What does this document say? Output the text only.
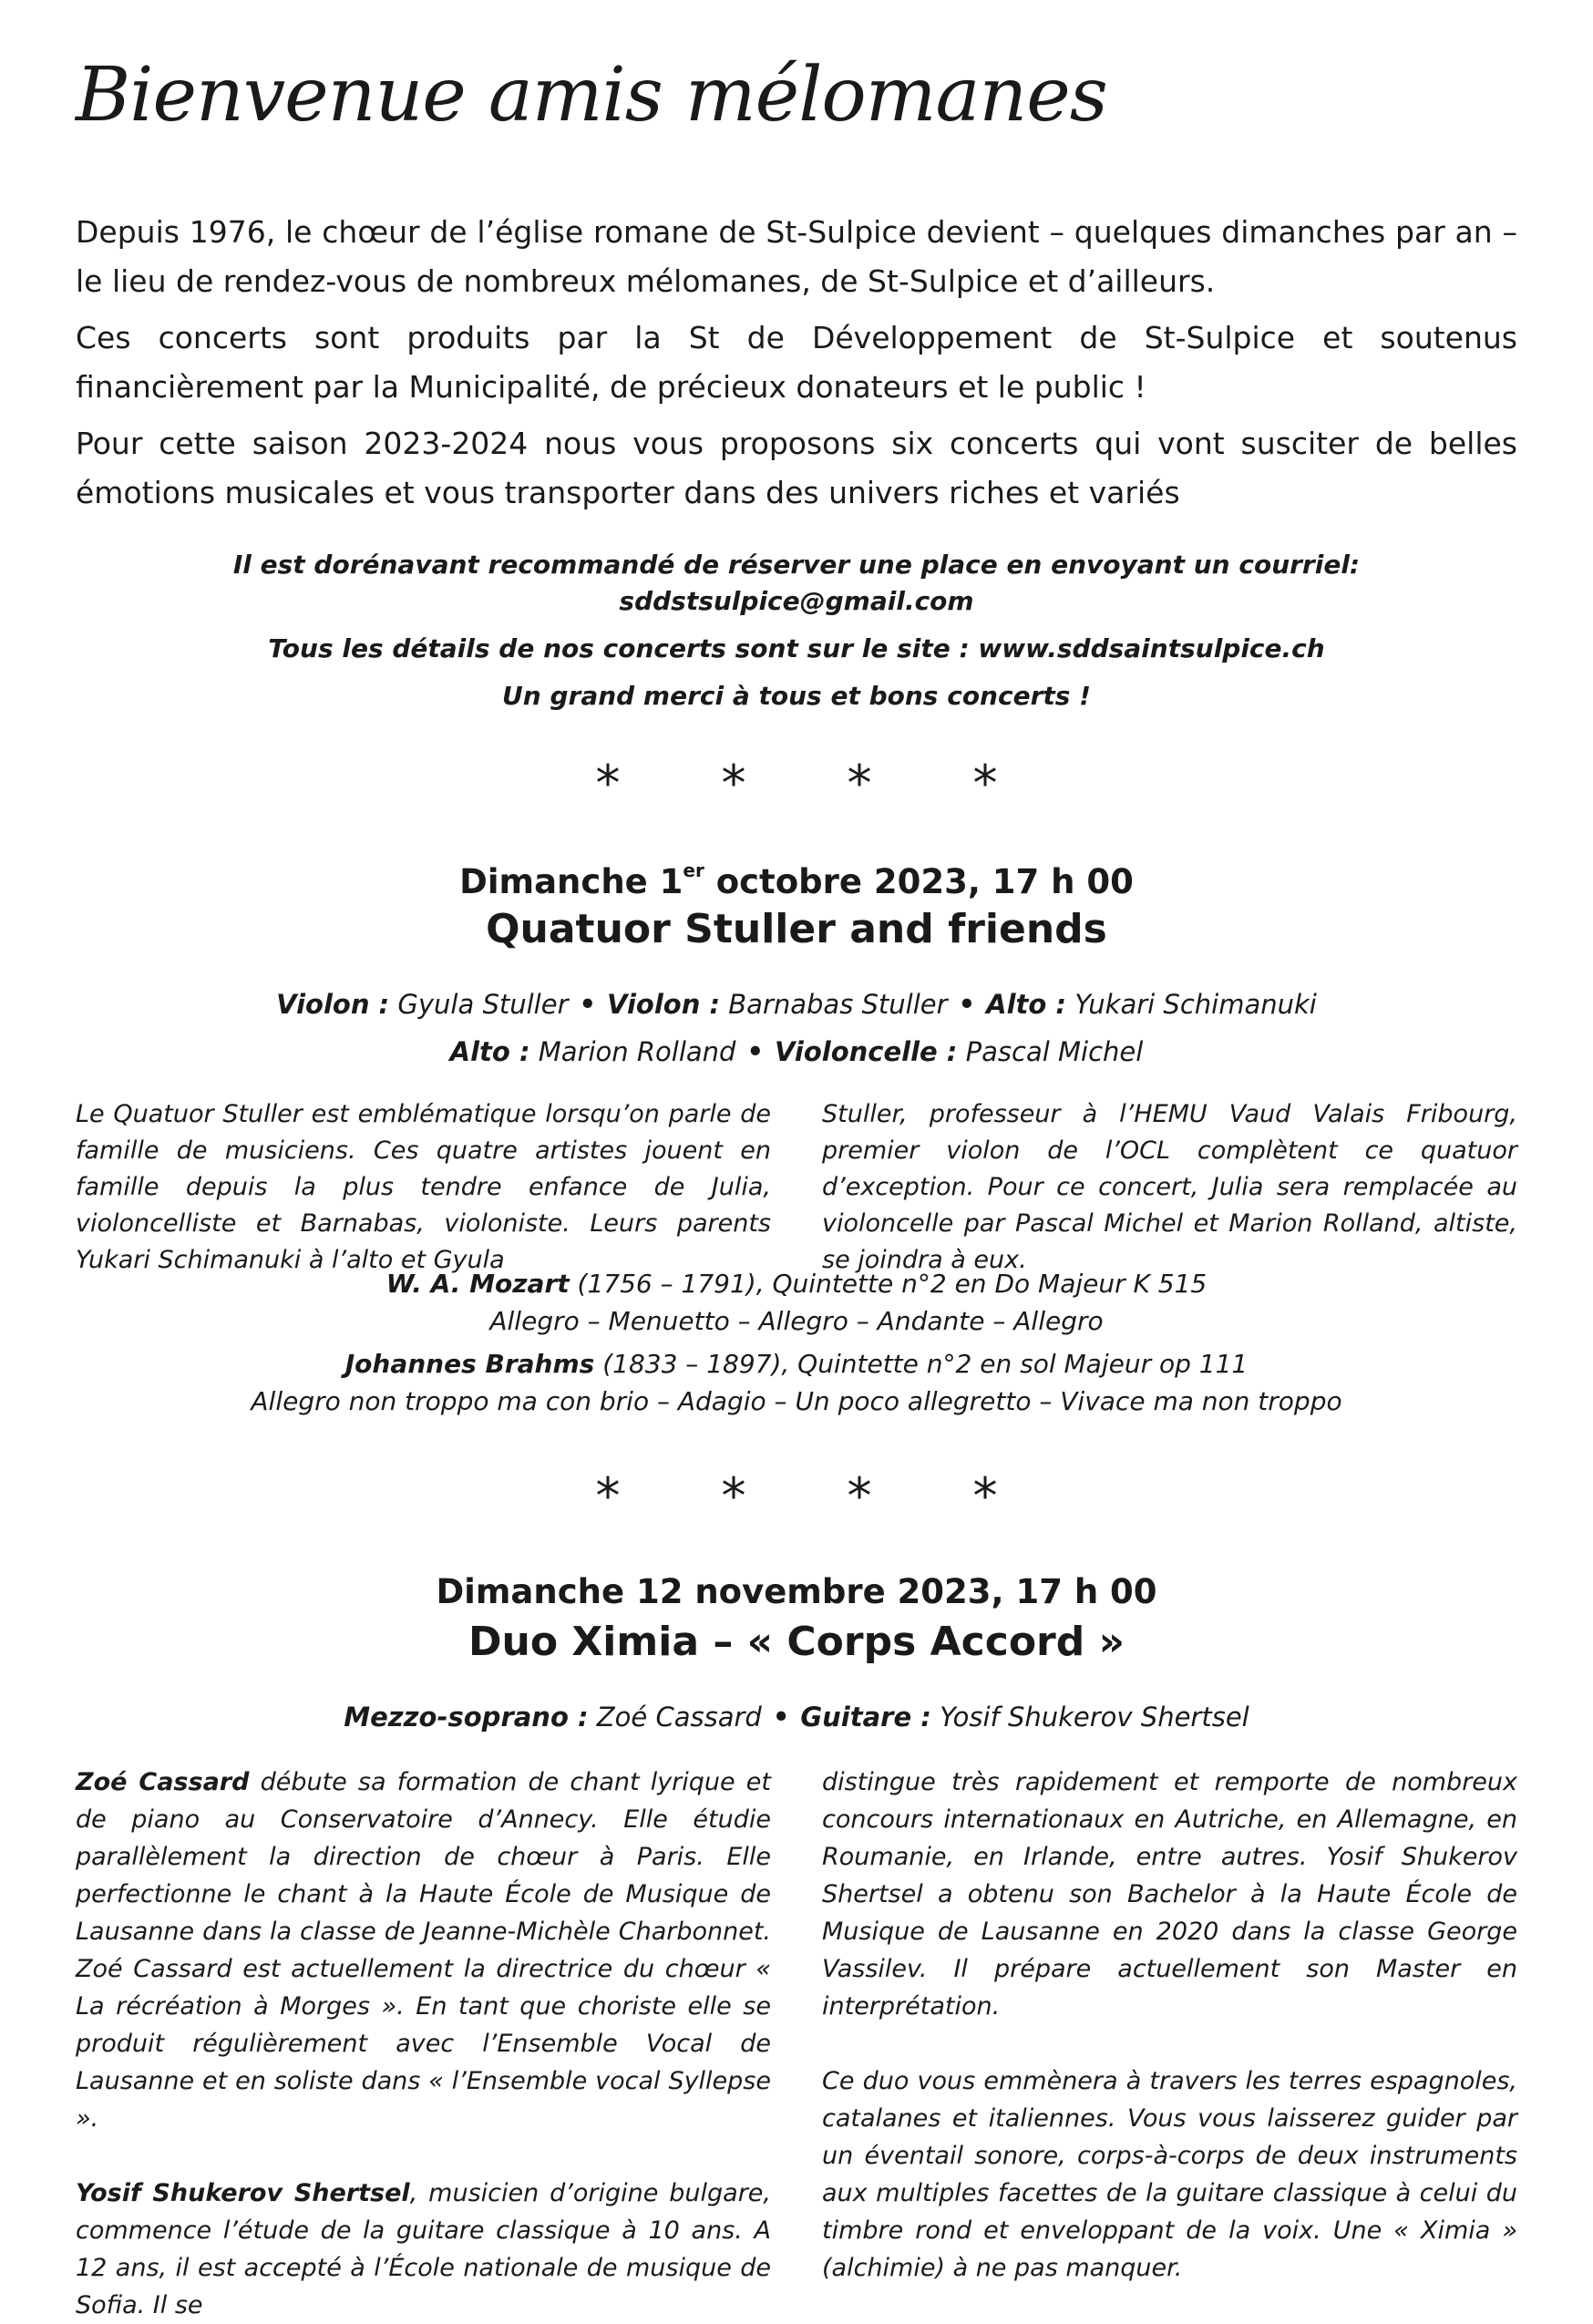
Bienvenue amis mélomanes

Depuis 1976, le chœur de l’église romane de St-Sulpice devient – quelques dimanches par an – le lieu de rendez-vous de nombreux mélomanes, de St-Sulpice et d’ailleurs.

Ces concerts sont produits par la St de Développement de St-Sulpice et soutenus financièrement par la Municipalité, de précieux donateurs et le public !

Pour cette saison 2023-2024 nous vous proposons six concerts qui vont susciter de belles émotions musicales et vous transporter dans des univers riches et variés

Il est dorénavant recommandé de réserver une place en envoyant un courriel:
sddstsulpice@gmail.com
Tous les détails de nos concerts sont sur le site : www.sddsaintsulpice.ch
Un grand merci à tous et bons concerts !
* * * *
Dimanche 1er octobre 2023, 17 h 00
Quatuor Stuller and friends
Violon : Gyula Stuller • Violon : Barnabas Stuller • Alto : Yukari Schimanuki
Alto : Marion Rolland • Violoncelle : Pascal Michel

Le Quatuor Stuller est emblématique lorsqu’on parle de famille de musiciens. Ces quatre artistes jouent en famille depuis la plus tendre enfance de Julia, violoncelliste et Barnabas, violoniste. Leurs parents Yukari Schimanuki à l’alto et Gyula

Stuller, professeur à l’HEMU Vaud Valais Fribourg, premier violon de l’OCL complètent ce quatuor d’exception. Pour ce concert, Julia sera remplacée au violoncelle par Pascal Michel et Marion Rolland, altiste, se joindra à eux.

W. A. Mozart (1756 – 1791), Quintette n°2 en Do Majeur K 515
Allegro – Menuetto – Allegro – Andante – Allegro
Johannes Brahms (1833 – 1897), Quintette n°2 en sol Majeur op 111
Allegro non troppo ma con brio – Adagio – Un poco allegretto – Vivace ma non troppo
* * * *
Dimanche 12 novembre 2023, 17 h 00
Duo Ximia – « Corps Accord »
Mezzo-soprano : Zoé Cassard • Guitare : Yosif Shukerov Shertsel

Zoé Cassard débute sa formation de chant lyrique et de piano au Conservatoire d’Annecy. Elle étudie parallèlement la direction de chœur à Paris. Elle perfectionne le chant à la Haute École de Musique de Lausanne dans la classe de Jeanne-Michèle Charbonnet. Zoé Cassard est actuellement la directrice du chœur « La récréation à Morges ». En tant que choriste elle se produit régulièrement avec l’Ensemble Vocal de Lausanne et en soliste dans « l’Ensemble vocal Syllepse ».

Yosif Shukerov Shertsel, musicien d’origine bulgare, commence l’étude de la guitare classique à 10 ans. A 12 ans, il est accepté à l’École nationale de musique de Sofia. Il se

distingue très rapidement et remporte de nombreux concours internationaux en Autriche, en Allemagne, en Roumanie, en Irlande, entre autres. Yosif Shukerov Shertsel a obtenu son Bachelor à la Haute École de Musique de Lausanne en 2020 dans la classe George Vassilev. Il prépare actuellement son Master en interprétation.

Ce duo vous emmènera à travers les terres espagnoles, catalanes et italiennes. Vous vous laisserez guider par un éventail sonore, corps-à-corps de deux instruments aux multiples facettes de la guitare classique à celui du timbre rond et enveloppant de la voix. Une « Ximia » (alchimie) à ne pas manquer.
